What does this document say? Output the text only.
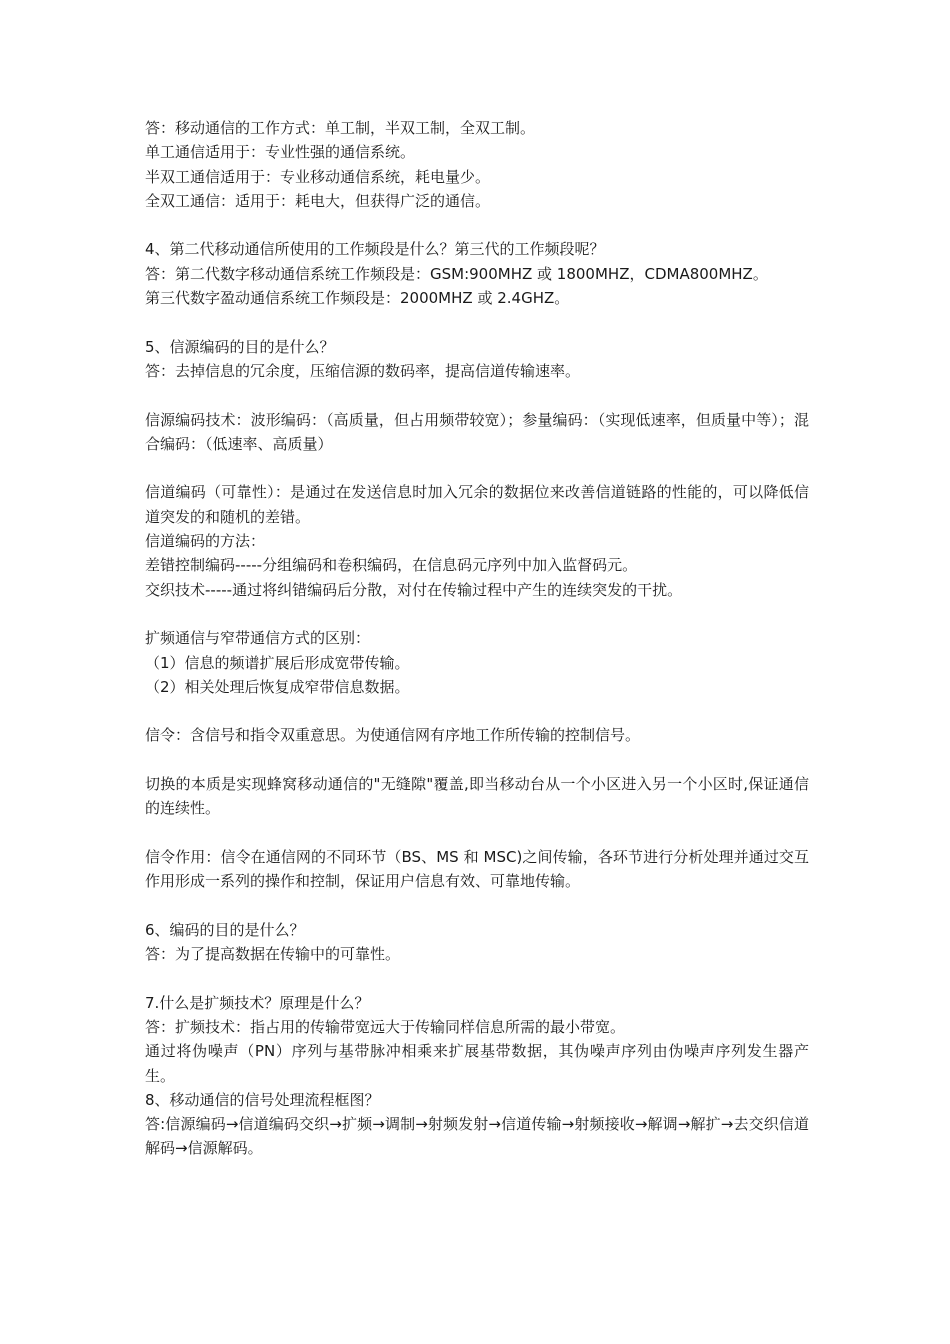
答：移动通信的工作方式：单工制，半双工制，全双工制。
单工通信适用于：专业性强的通信系统。
半双工通信适用于：专业移动通信系统，耗电量少。
全双工通信：适用于：耗电大，但获得广泛的通信。
4、第二代移动通信所使用的工作频段是什么？第三代的工作频段呢？
答：第二代数字移动通信系统工作频段是：GSM:900MHZ 或 1800MHZ，CDMA800MHZ。
第三代数字盈动通信系统工作频段是：2000MHZ 或 2.4GHZ。
5、信源编码的目的是什么？
答：去掉信息的冗余度，压缩信源的数码率，提高信道传输速率。
信源编码技术：波形编码：（高质量，但占用频带较宽）；参量编码：（实现低速率，但质量中等）；混合编码：（低速率、高质量）
信道编码（可靠性）：是通过在发送信息时加入冗余的数据位来改善信道链路的性能的，可以降低信道突发的和随机的差错。
信道编码的方法：
差错控制编码-----分组编码和卷积编码，在信息码元序列中加入监督码元。
交织技术-----通过将纠错编码后分散，对付在传输过程中产生的连续突发的干扰。
扩频通信与窄带通信方式的区别：
（1）信息的频谱扩展后形成宽带传输。
（2）相关处理后恢复成窄带信息数据。
信令：含信号和指令双重意思。为使通信网有序地工作所传输的控制信号。
切换的本质是实现蜂窝移动通信的"无缝隙"覆盖,即当移动台从一个小区进入另一个小区时,保证通信的连续性。
信令作用：信令在通信网的不同环节（BS、MS 和 MSC)之间传输，各环节进行分析处理并通过交互作用形成一系列的操作和控制，保证用户信息有效、可靠地传输。
6、编码的目的是什么？
答：为了提高数据在传输中的可靠性。
7.什么是扩频技术？原理是什么？
答：扩频技术：指占用的传输带宽远大于传输同样信息所需的最小带宽。
通过将伪噪声（PN）序列与基带脉冲相乘来扩展基带数据，其伪噪声序列由伪噪声序列发生器产生。
8、移动通信的信号处理流程框图？
答:信源编码→信道编码交织→扩频→调制→射频发射→信道传输→射频接收→解调→解扩→去交织信道解码→信源解码。
